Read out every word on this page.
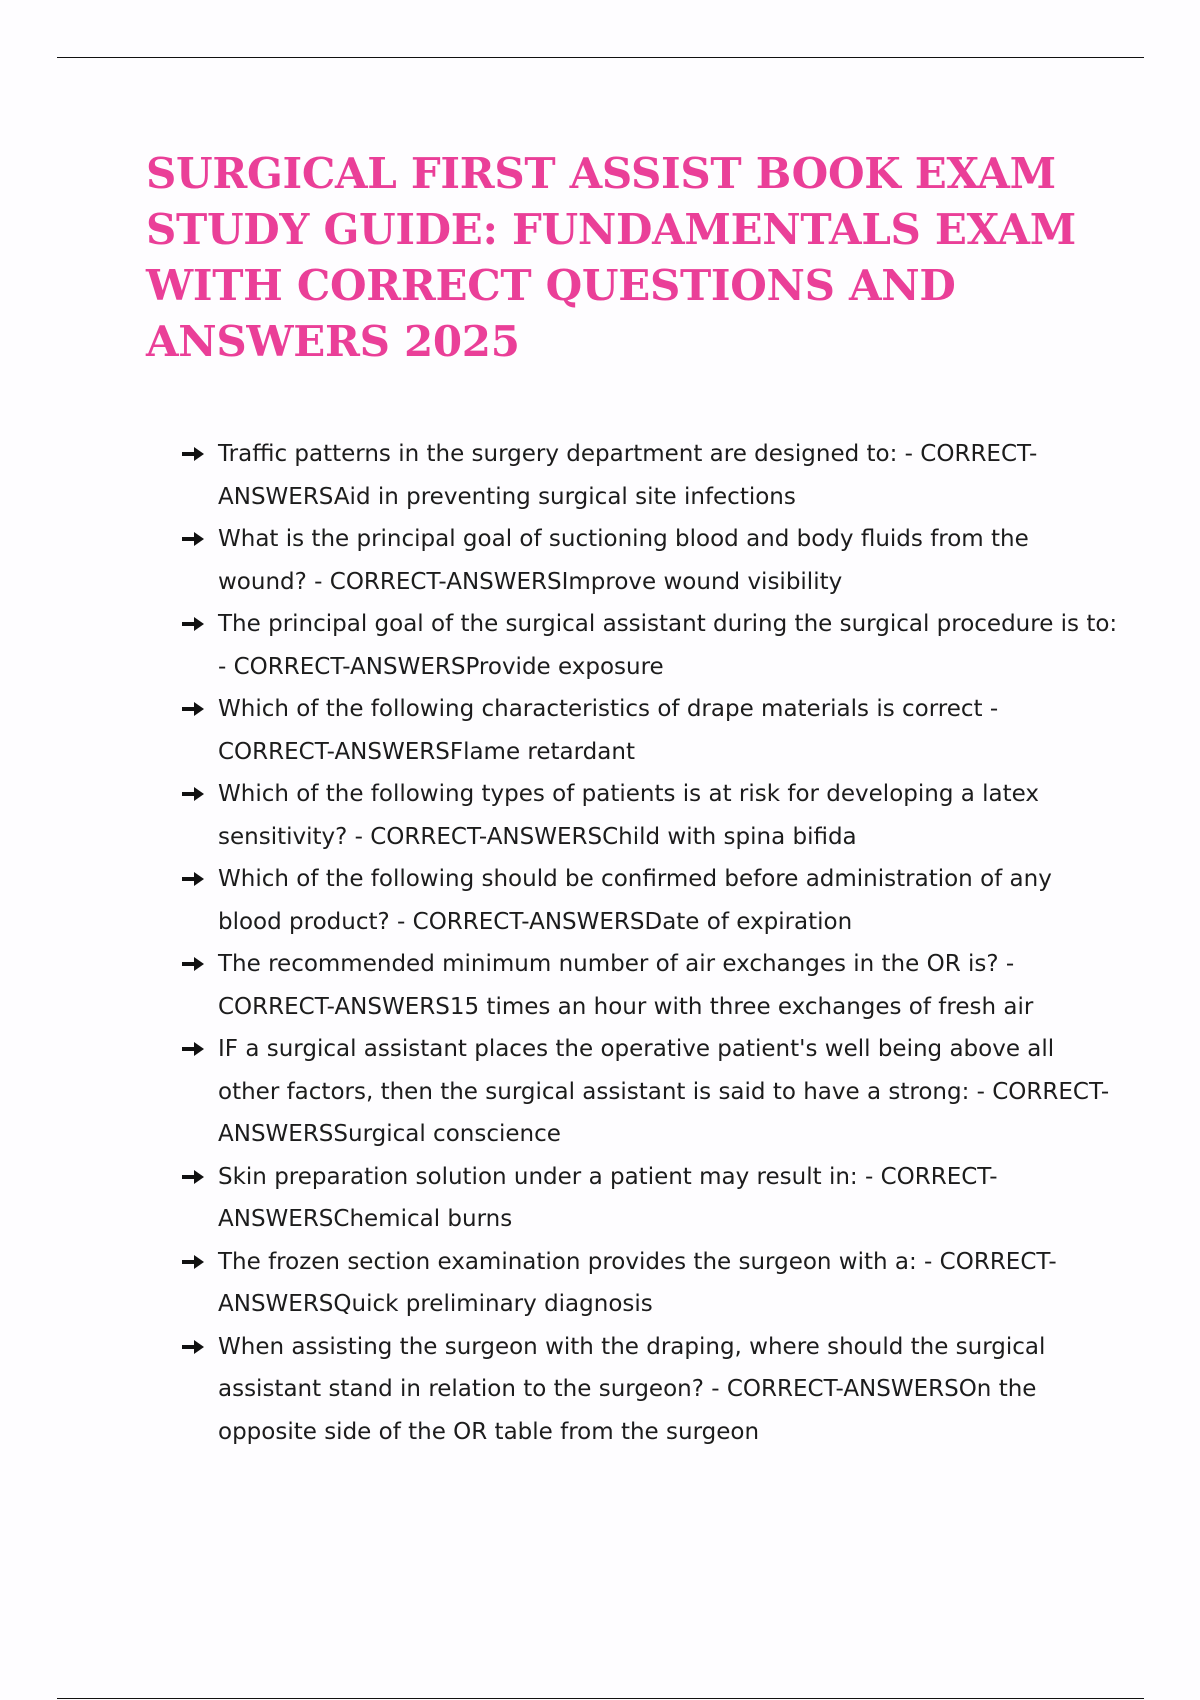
SURGICAL FIRST ASSIST BOOK EXAM STUDY GUIDE: FUNDAMENTALS EXAM WITH CORRECT QUESTIONS AND ANSWERS 2025
Traffic patterns in the surgery department are designed to: - CORRECT-ANSWERSAid in preventing surgical site infections
What is the principal goal of suctioning blood and body fluids from the wound? - CORRECT-ANSWERSImprove wound visibility
The principal goal of the surgical assistant during the surgical procedure is to: - CORRECT-ANSWERSProvide exposure
Which of the following characteristics of drape materials is correct - CORRECT-ANSWERSFlame retardant
Which of the following types of patients is at risk for developing a latex sensitivity? - CORRECT-ANSWERSChild with spina bifida
Which of the following should be confirmed before administration of any blood product? - CORRECT-ANSWERSDate of expiration
The recommended minimum number of air exchanges in the OR is? - CORRECT-ANSWERS15 times an hour with three exchanges of fresh air
IF a surgical assistant places the operative patient's well being above all other factors, then the surgical assistant is said to have a strong: - CORRECT-ANSWERSSurgical conscience
Skin preparation solution under a patient may result in: - CORRECT-ANSWERSChemical burns
The frozen section examination provides the surgeon with a: - CORRECT-ANSWERSQuick preliminary diagnosis
When assisting the surgeon with the draping, where should the surgical assistant stand in relation to the surgeon? - CORRECT-ANSWERSOn the opposite side of the OR table from the surgeon
